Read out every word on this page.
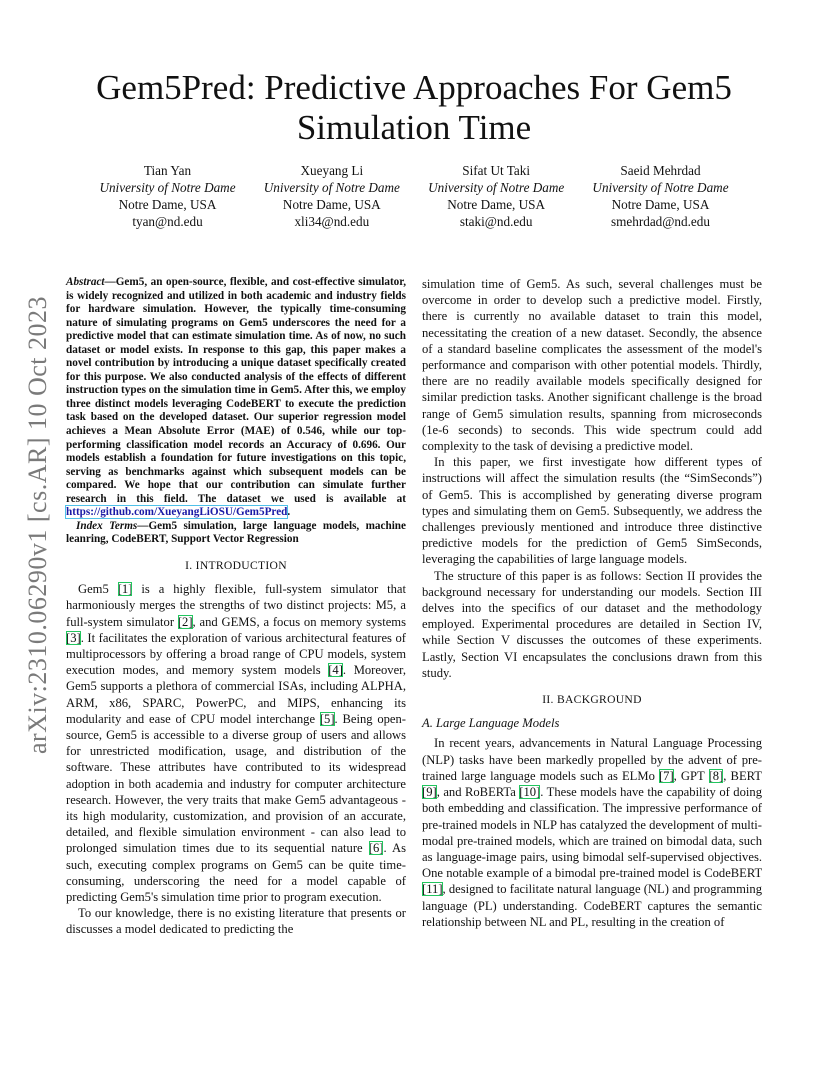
arXiv:2310.06290v1 [cs.AR] 10 Oct 2023
Gem5Pred: Predictive Approaches For Gem5 Simulation Time
Tian Yan
University of Notre Dame
Notre Dame, USA
tyan@nd.edu
Xueyang Li
University of Notre Dame
Notre Dame, USA
xli34@nd.edu
Sifat Ut Taki
University of Notre Dame
Notre Dame, USA
staki@nd.edu
Saeid Mehrdad
University of Notre Dame
Notre Dame, USA
smehrdad@nd.edu

Abstract—Gem5, an open-source, flexible, and cost-effective simulator, is widely recognized and utilized in both academic and industry fields for hardware simulation. However, the typically time-consuming nature of simulating programs on Gem5 underscores the need for a predictive model that can estimate simulation time. As of now, no such dataset or model exists. In response to this gap, this paper makes a novel contribution by introducing a unique dataset specifically created for this purpose. We also conducted analysis of the effects of different instruction types on the simulation time in Gem5. After this, we employ three distinct models leveraging CodeBERT to execute the prediction task based on the developed dataset. Our superior regression model achieves a Mean Absolute Error (MAE) of 0.546, while our top-performing classification model records an Accuracy of 0.696. Our models establish a foundation for future investigations on this topic, serving as benchmarks against which subsequent models can be compared. We hope that our contribution can simulate further research in this field. The dataset we used is available at https://github.com/XueyangLiOSU/Gem5Pred.

Index Terms—Gem5 simulation, large language models, machine leanring, CodeBERT, Support Vector Regression

I. INTRODUCTION

Gem5 [1] is a highly flexible, full-system simulator that harmoniously merges the strengths of two distinct projects: M5, a full-system simulator [2], and GEMS, a focus on memory systems [3]. It facilitates the exploration of various architectural features of multiprocessors by offering a broad range of CPU models, system execution modes, and memory system models [4]. Moreover, Gem5 supports a plethora of commercial ISAs, including ALPHA, ARM, x86, SPARC, PowerPC, and MIPS, enhancing its modularity and ease of CPU model interchange [5]. Being open-source, Gem5 is accessible to a diverse group of users and allows for unrestricted modification, usage, and distribution of the software. These attributes have contributed to its widespread adoption in both academia and industry for computer architecture research. However, the very traits that make Gem5 advantageous - its high modularity, customization, and provision of an accurate, detailed, and flexible simulation environment - can also lead to prolonged simulation times due to its sequential nature [6]. As such, executing complex programs on Gem5 can be quite time-consuming, underscoring the need for a model capable of predicting Gem5's simulation time prior to program execution.

To our knowledge, there is no existing literature that presents or discusses a model dedicated to predicting the

simulation time of Gem5. As such, several challenges must be overcome in order to develop such a predictive model. Firstly, there is currently no available dataset to train this model, necessitating the creation of a new dataset. Secondly, the absence of a standard baseline complicates the assessment of the model's performance and comparison with other potential models. Thirdly, there are no readily available models specifically designed for similar prediction tasks. Another significant challenge is the broad range of Gem5 simulation results, spanning from microseconds (1e-6 seconds) to seconds. This wide spectrum could add complexity to the task of devising a predictive model.

In this paper, we first investigate how different types of instructions will affect the simulation results (the “SimSeconds”) of Gem5. This is accomplished by generating diverse program types and simulating them on Gem5. Subsequently, we address the challenges previously mentioned and introduce three distinctive predictive models for the prediction of Gem5 SimSeconds, leveraging the capabilities of large language models.

The structure of this paper is as follows: Section II provides the background necessary for understanding our models. Section III delves into the specifics of our dataset and the methodology employed. Experimental procedures are detailed in Section IV, while Section V discusses the outcomes of these experiments. Lastly, Section VI encapsulates the conclusions drawn from this study.

II. BACKGROUND
A. Large Language Models

In recent years, advancements in Natural Language Processing (NLP) tasks have been markedly propelled by the advent of pre-trained large language models such as ELMo [7], GPT [8], BERT [9], and RoBERTa [10]. These models have the capability of doing both embedding and classification. The impressive performance of pre-trained models in NLP has catalyzed the development of multi-modal pre-trained models, which are trained on bimodal data, such as language-image pairs, using bimodal self-supervised objectives. One notable example of a bimodal pre-trained model is CodeBERT [11], designed to facilitate natural language (NL) and programming language (PL) understanding. CodeBERT captures the semantic relationship between NL and PL, resulting in the creation of
